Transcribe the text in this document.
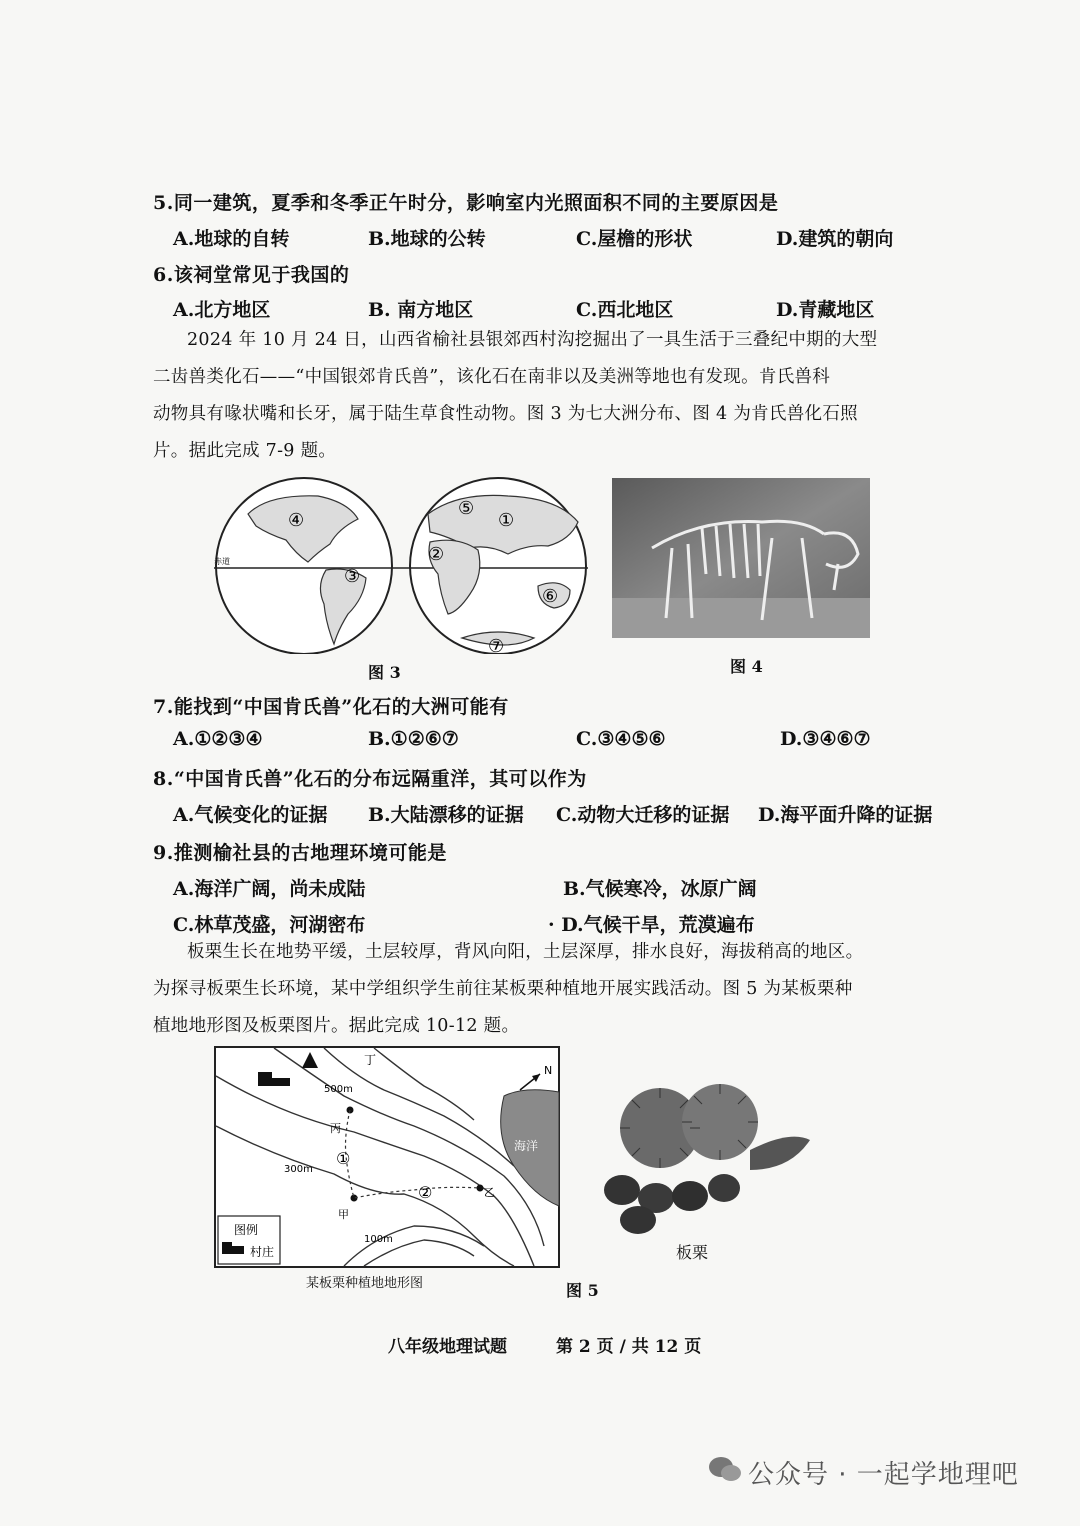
5.同一建筑，夏季和冬季正午时分，影响室内光照面积不同的主要原因是
A.地球的自转	B.地球的公转	C.屋檐的形状	D.建筑的朝向
6.该祠堂常见于我国的
A.北方地区	B. 南方地区	C.西北地区	D.青藏地区
2024 年 10 月 24 日，山西省榆社县银郊西村沟挖掘出了一具生活于三叠纪中期的大型
二齿兽类化石——“中国银郊肯氏兽”，该化石在南非以及美洲等地也有发现。肯氏兽科
动物具有喙状嘴和长牙，属于陆生草食性动物。图 3 为七大洲分布、图 4 为肯氏兽化石照
片。据此完成 7-9 题。
赤道
④
③
⑤
①
②
⑥
⑦
图 3	图 4
7.能找到“中国肯氏兽”化石的大洲可能有
A.①②③④	B.①②⑥⑦	C.③④⑤⑥	D.③④⑥⑦
8.“中国肯氏兽”化石的分布远隔重洋，其可以作为
A.气候变化的证据 B.大陆漂移的证据 C.动物大迁移的证据 D.海平面升降的证据
9.推测榆社县的古地理环境可能是
A.海洋广阔，尚未成陆	B.气候寒冷，冰原广阔
C.林草茂盛，河湖密布	· D.气候干旱，荒漠遍布
板栗生长在地势平缓，土层较厚，背风向阳，土层深厚，排水良好，海拔稍高的地区。
为探寻板栗生长环境，某中学组织学生前往某板栗种植地开展实践活动。图 5 为某板栗种
植地地形图及板栗图片。据此完成 10-12 题。
海洋
500m
300m
100m
丙
甲
乙
丁
①
②
N
图例
村庄
某板栗种植地地形图
板栗
图 5
八年级地理试题	第 2 页 / 共 12 页
公众号 · 一起学地理吧
